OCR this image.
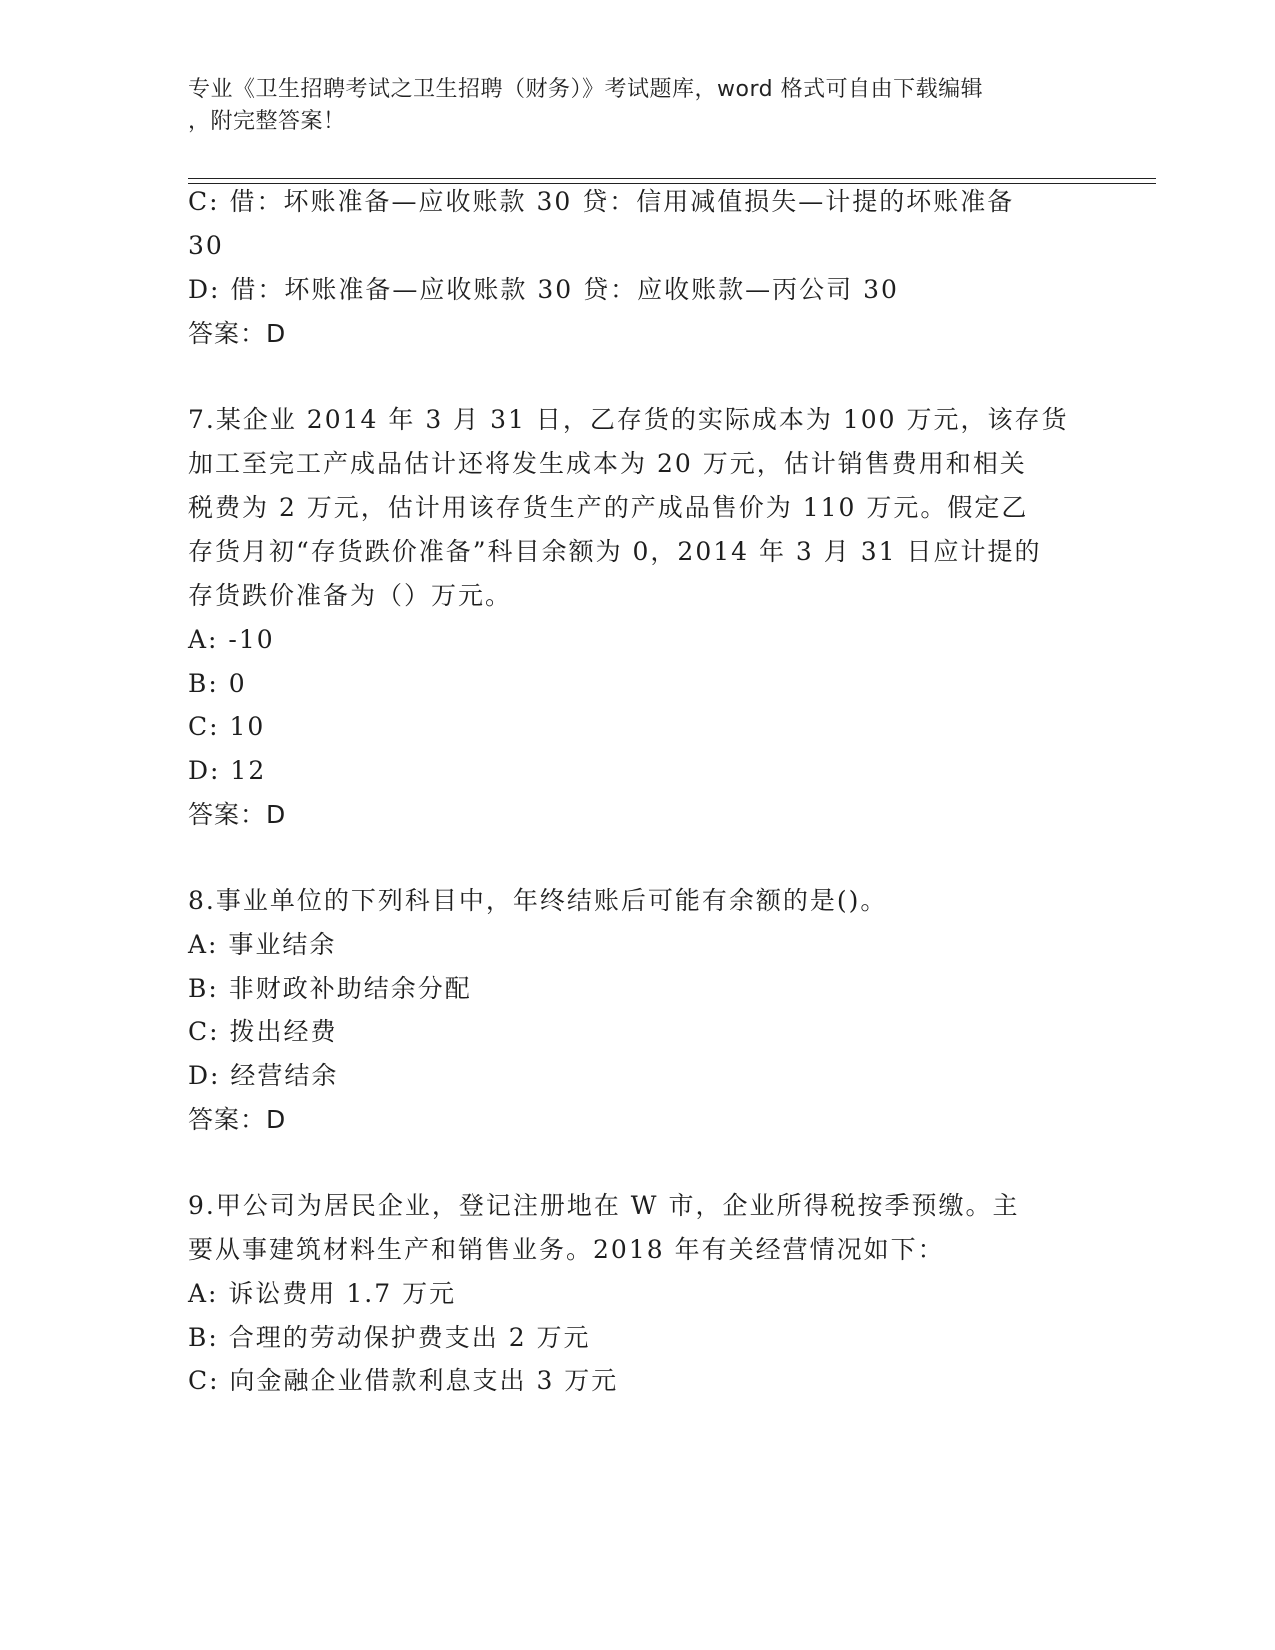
专业《卫生招聘考试之卫生招聘（财务）》考试题库，word 格式可自由下载编辑
，附完整答案！
C: 借：坏账准备—应收账款 30 贷：信用减值损失—计提的坏账准备
30
D: 借：坏账准备—应收账款 30 贷：应收账款—丙公司 30
答案：D
7.某企业 2014 年 3 月 31 日，乙存货的实际成本为 100 万元，该存货
加工至完工产成品估计还将发生成本为 20 万元，估计销售费用和相关
税费为 2 万元，估计用该存货生产的产成品售价为 110 万元。假定乙
存货月初“存货跌价准备”科目余额为 0，2014 年 3 月 31 日应计提的
存货跌价准备为（）万元。
A: -10
B: 0
C: 10
D: 12
答案：D
8.事业单位的下列科目中，年终结账后可能有余额的是()。
A: 事业结余
B: 非财政补助结余分配
C: 拨出经费
D: 经营结余
答案：D
9.甲公司为居民企业，登记注册地在 W 市，企业所得税按季预缴。主
要从事建筑材料生产和销售业务。2018 年有关经营情况如下：
A: 诉讼费用 1.7 万元
B: 合理的劳动保护费支出 2 万元
C: 向金融企业借款利息支出 3 万元
